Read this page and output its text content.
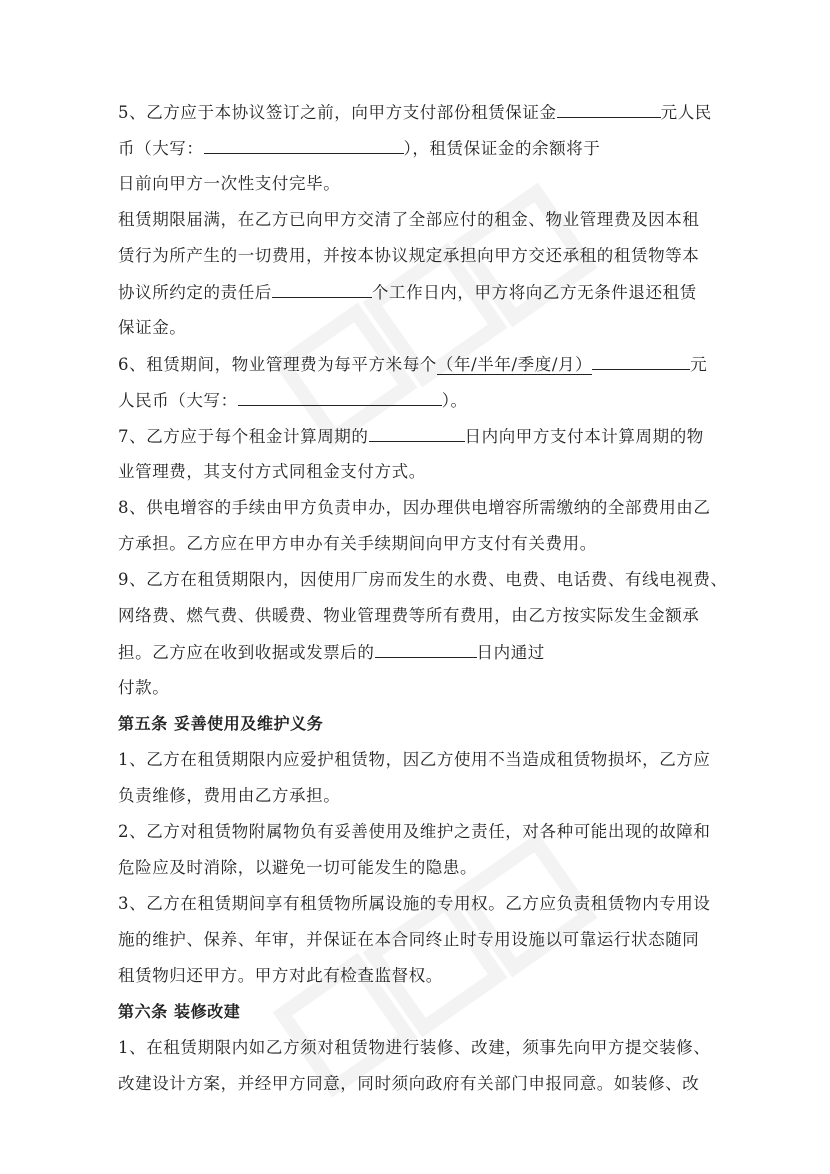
5、乙方应于本协议签订之前，向甲方支付部份租赁保证金	元人民
币（大写：	），租赁保证金的余额将于
日前向甲方一次性支付完毕。
租赁期限届满，在乙方已向甲方交清了全部应付的租金、物业管理费及因本租
赁行为所产生的一切费用，并按本协议规定承担向甲方交还承租的租赁物等本
协议所约定的责任后	个工作日内，甲方将向乙方无条件退还租赁
保证金。
6、租赁期间，物业管理费为每平方米每个（年/半年/季度/月）	元
人民币（大写：	）。
7、乙方应于每个租金计算周期的	日内向甲方支付本计算周期的物
业管理费，其支付方式同租金支付方式。
8、供电增容的手续由甲方负责申办，因办理供电增容所需缴纳的全部费用由乙
方承担。乙方应在甲方申办有关手续期间向甲方支付有关费用。
9、乙方在租赁期限内，因使用厂房而发生的水费、电费、电话费、有线电视费、
网络费、燃气费、供暖费、物业管理费等所有费用，由乙方按实际发生金额承
担。乙方应在收到收据或发票后的	日内通过
付款。
第五条 妥善使用及维护义务
1、乙方在租赁期限内应爱护租赁物，因乙方使用不当造成租赁物损坏，乙方应
负责维修，费用由乙方承担。
2、乙方对租赁物附属物负有妥善使用及维护之责任，对各种可能出现的故障和
危险应及时消除，以避免一切可能发生的隐患。
3、乙方在租赁期间享有租赁物所属设施的专用权。乙方应负责租赁物内专用设
施的维护、保养、年审，并保证在本合同终止时专用设施以可靠运行状态随同
租赁物归还甲方。甲方对此有检查监督权。
第六条 装修改建
1、在租赁期限内如乙方须对租赁物进行装修、改建，须事先向甲方提交装修、
改建设计方案，并经甲方同意，同时须向政府有关部门申报同意。如装修、改
